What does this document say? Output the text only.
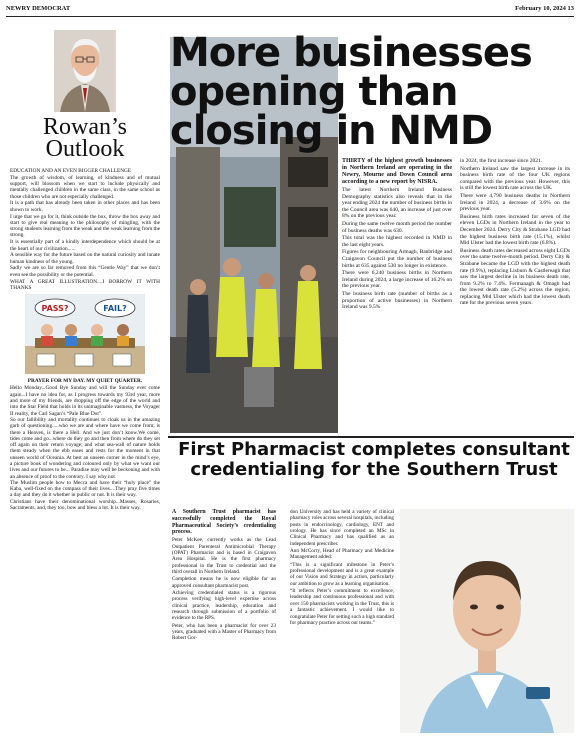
NEWRY DEMOCRAT	February 10, 2024 13
Rowan’s
Outlook

EDUCATION AND AN EVEN BIGGER CHALLENGE

The growth of wisdom, of learning, of kindness and of mutual support, will blossom when we start to include physically and mentally challenged children in the same class, in the same school as those children who are not especially challenged.

It is a path that has already been taken in other places and has been shown to work.

I urge that we go for it, think outside the box, throw the box away and start to give real meaning to the philosophy of mingling, with the strong students learning from the weak and the weak learning from the strong.

It is essentially part of a kindly interdependence which should be at the heart of our civilization......

A sensible way for the future based on the natural curiosity and innate human kindness of the young.

Sadly we are so far removed from this “Gentle Way” that we don’t even see the possibility or the potential.

WHAT A GREAT ILLUSTRATION....I BORROW IT WITH THANKS

PASS?	FAIL?

PRAYER FOR MY DAY. MY QUIET QUARTER.

Hello Monday...Good Bye Sunday and will the Sunday ever come again...I have no idea for, as I progress towards my 93rd year, more and more of my friends, are dropping off the edge of the world and into the Star Field that holds in its unimaginable vastness, the Voyager II reality, the Carl Sagan’s “Pale Blue Dot”.

So our fallibility and mortality continues to cloak us in the amazing garb of questioning.....who we are and where have we come from; is there a Heaven, is there a Hell. And we just don’t know.We come, tides come and go...where do they go and then from where do they set off again on their return voyage; and what sea-wall of nature holds them steady when the ebb eases and rests for the moment in that unseen world of Oceania. At best an unseen corner in the mind’s eye, a picture book of wondering and coloured only by what we want our lives and our futures to be... Paradise may well be beckoning and with an absence of proof to the contrary. I say why not.

The Muslim people bow to Mecca and have their “holy place” the Kaba, well-fixed on the compass of their lives....They pray five times a day and they do it whether in public or not. It is their way.

Christians have their denominational worship...Masses, Rosaries, Sacraments, and, they too, bow and bless a lot. It is their way.

More businesses opening than closing in NMD

THIRTY of the highest growth businesses in Northern Ireland are operating in the Newry, Mourne and Down Council area according to a new report by NISRA.

The latest Northern Ireland Business Demography statistics also reveals that in the year ending 2024 the number of business births in the Council area was 640, an increase of just over 8% on the previous year.

During the same twelve month period the number of business deaths was 630.

This total was the highest recorded in NMD in the last eight years.

Figures for neighbouring Armagh, Banbridge and Craigavon Council put the number of business births at 635 against 530 no longer in existence.

There were 6,240 business births in Northern Ireland during 2024, a large increase of 16.2% on the previous year.

The business birth rate (number of births as a proportion of active businesses) in Northern Ireland was 9.5%

in 2024, the first increase since 2021.

Northern Ireland saw the largest increase in its business birth rate of the four UK regions compared with the previous year. However, this is still the lowest birth rate across the UK.

There were 4,790 business deaths in Northern Ireland in 2024, a decrease of 3.6% on the previous year.

Business birth rates increased for seven of the eleven LGDs in Northern Ireland in the year to December 2024. Derry City & Strabane LGD had the highest business birth rate (15.1%), whilst Mid Ulster had the lowest birth rate (6.8%).

Business death rates decreased across eight LGDs over the same twelve-month period. Derry City & Strabane became the LGD with the highest death rate (9.9%), replacing Lisburn & Castlereagh that saw the largest decline in its business death rate, from 9.2% to 7.4%. Fermanagh & Omagh had the lowest death rate (5.2%) across the region, replacing Mid Ulster which had the lowest death rate for the previous seven years.

First Pharmacist completes consultant credentialing for the Southern Trust

A Southern Trust pharmacist has successfully completed the Royal Pharmaceutical Society’s credentialing process.

Peter McKee, currently works as the Lead Outpatient Parenteral Antimicrobial Therapy (OPAT) Pharmacist and is based in Craigavon Area Hospital. He is the first pharmacy professional in the Trust to credential and the third overall in Northern Ireland.

Completion means he is now eligible for an approved consultant pharmacist post.

Achieving credentialed status is a rigorous process verifying high-level expertise across clinical practice, leadership, education and research through submission of a portfolio of evidence to the RPS.

Peter, who has been a pharmacist for over 23 years, graduated with a Master of Pharmacy from Robert Gor-

don University and has held a variety of clinical pharmacy roles across several hospitals, including posts in endocrinology, cardiology, ENT and urology. He has since completed an MSc in Clinical Pharmacy and has qualified as an independent prescriber.

Ann McCorry, Head of Pharmacy and Medicine Management added:

“This is a significant milestone in Peter’s professional development and is a great example of our Vision and Strategy in action, particularly our ambition to grow as a learning organisation.

“It reflects Peter’s commitment to excellence, leadership and continuous professional and with over 150 pharmacists working in the Trust, this is a fantastic achievement. I would like to congratulate Peter for setting such a high standard for pharmacy practice across our teams.”
